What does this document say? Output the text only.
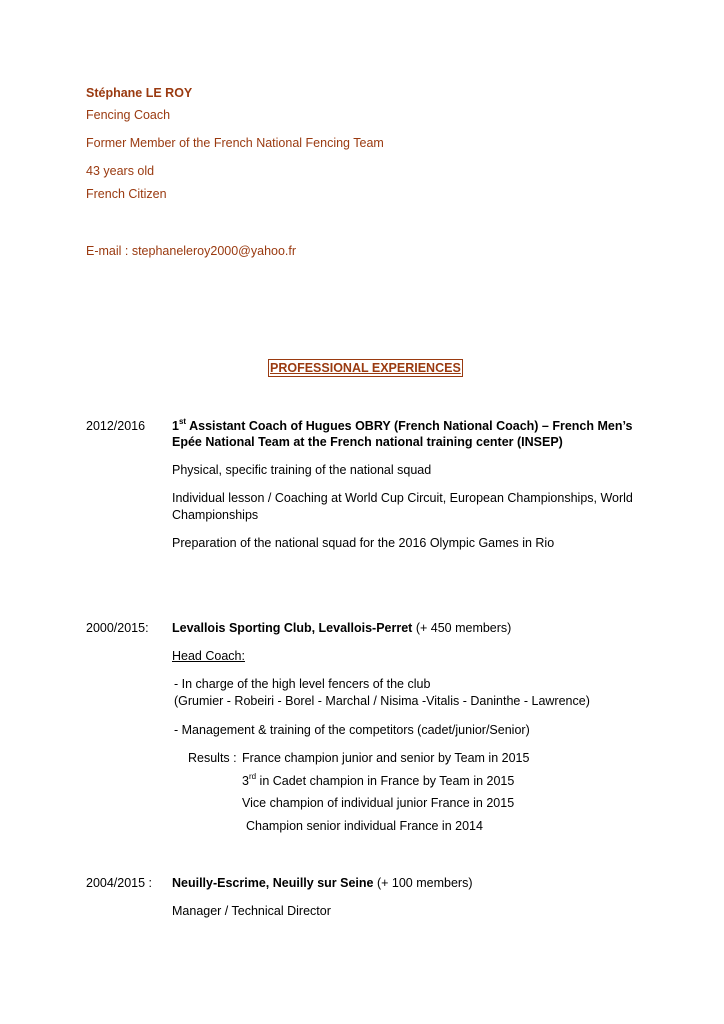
Stéphane LE ROY
Fencing Coach
Former Member of the French National Fencing Team
43 years old
French Citizen
E-mail : stephaneleroy2000@yahoo.fr
PROFESSIONAL EXPERIENCES
2012/2016 1st Assistant Coach of Hugues OBRY (French National Coach) – French Men’s
Epée National Team at the French national training center (INSEP)
Physical, specific training of the national squad
Individual lesson / Coaching at World Cup Circuit, European Championships, World
Championships
Preparation of the national squad for the 2016 Olympic Games in Rio
2000/2015: Levallois Sporting Club, Levallois-Perret (+ 450 members)
Head Coach:
- In charge of the high level fencers of the club
(Grumier - Robeiri - Borel - Marchal / Nisima -Vitalis - Daninthe - Lawrence)
- Management & training of the competitors (cadet/junior/Senior)
Results : France champion junior and senior by Team in 2015
3rd in Cadet champion in France by Team in 2015
Vice champion of individual junior France in 2015
Champion senior individual France in 2014
2004/2015 : Neuilly-Escrime, Neuilly sur Seine (+ 100 members)
Manager / Technical Director
